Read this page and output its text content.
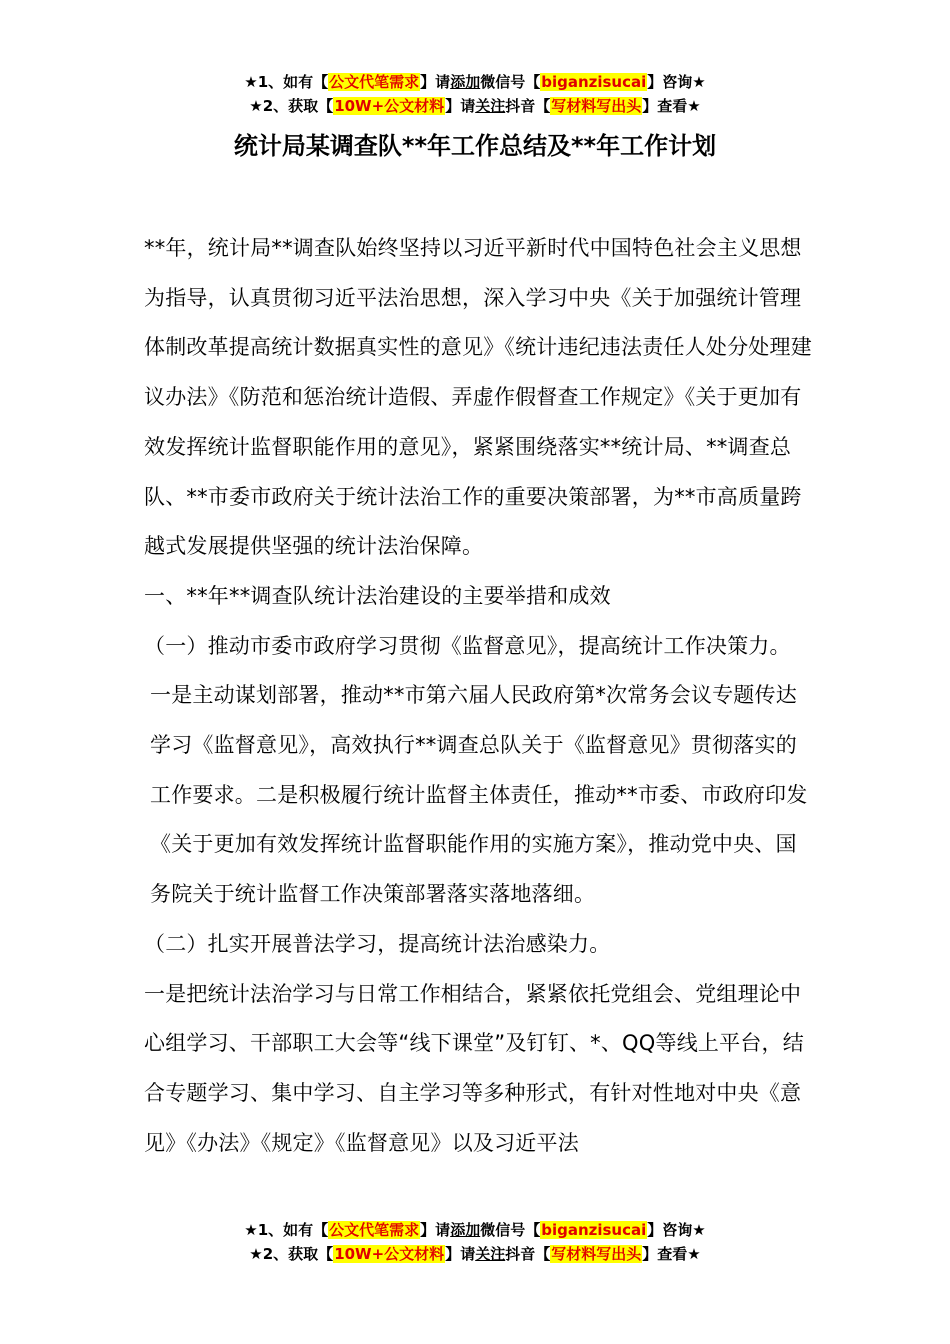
★1、如有【公文代笔需求】请添加微信号【biganzisucai】咨询★
★2、获取【10W+公文材料】请关注抖音【写材料写出头】查看★
统计局某调查队**年工作总结及**年工作计划

**年，统计局**调查队始终坚持以习近平新时代中国特色社会主义思想为指导，认真贯彻习近平法治思想，深入学习中央《关于加强统计管理体制改革提高统计数据真实性的意见》《统计违纪违法责任人处分处理建议办法》《防范和惩治统计造假、弄虚作假督查工作规定》《关于更加有效发挥统计监督职能作用的意见》，紧紧围绕落实**统计局、**调查总队、**市委市政府关于统计法治工作的重要决策部署，为**市高质量跨越式发展提供坚强的统计法治保障。

一、**年**调查队统计法治建设的主要举措和成效

（一）推动市委市政府学习贯彻《监督意见》，提高统计工作决策力。

一是主动谋划部署，推动**市第六届人民政府第*次常务会议专题传达学习《监督意见》，高效执行**调查总队关于《监督意见》贯彻落实的工作要求。二是积极履行统计监督主体责任，推动**市委、市政府印发《关于更加有效发挥统计监督职能作用的实施方案》，推动党中央、国务院关于统计监督工作决策部署落实落地落细。

（二）扎实开展普法学习，提高统计法治感染力。

一是把统计法治学习与日常工作相结合，紧紧依托党组会、党组理论中心组学习、干部职工大会等“线下课堂”及钉钉、*、QQ等线上平台，结合专题学习、集中学习、自主学习等多种形式，有针对性地对中央《意见》《办法》《规定》《监督意见》以及习近平法

★1、如有【公文代笔需求】请添加微信号【biganzisucai】咨询★
★2、获取【10W+公文材料】请关注抖音【写材料写出头】查看★
